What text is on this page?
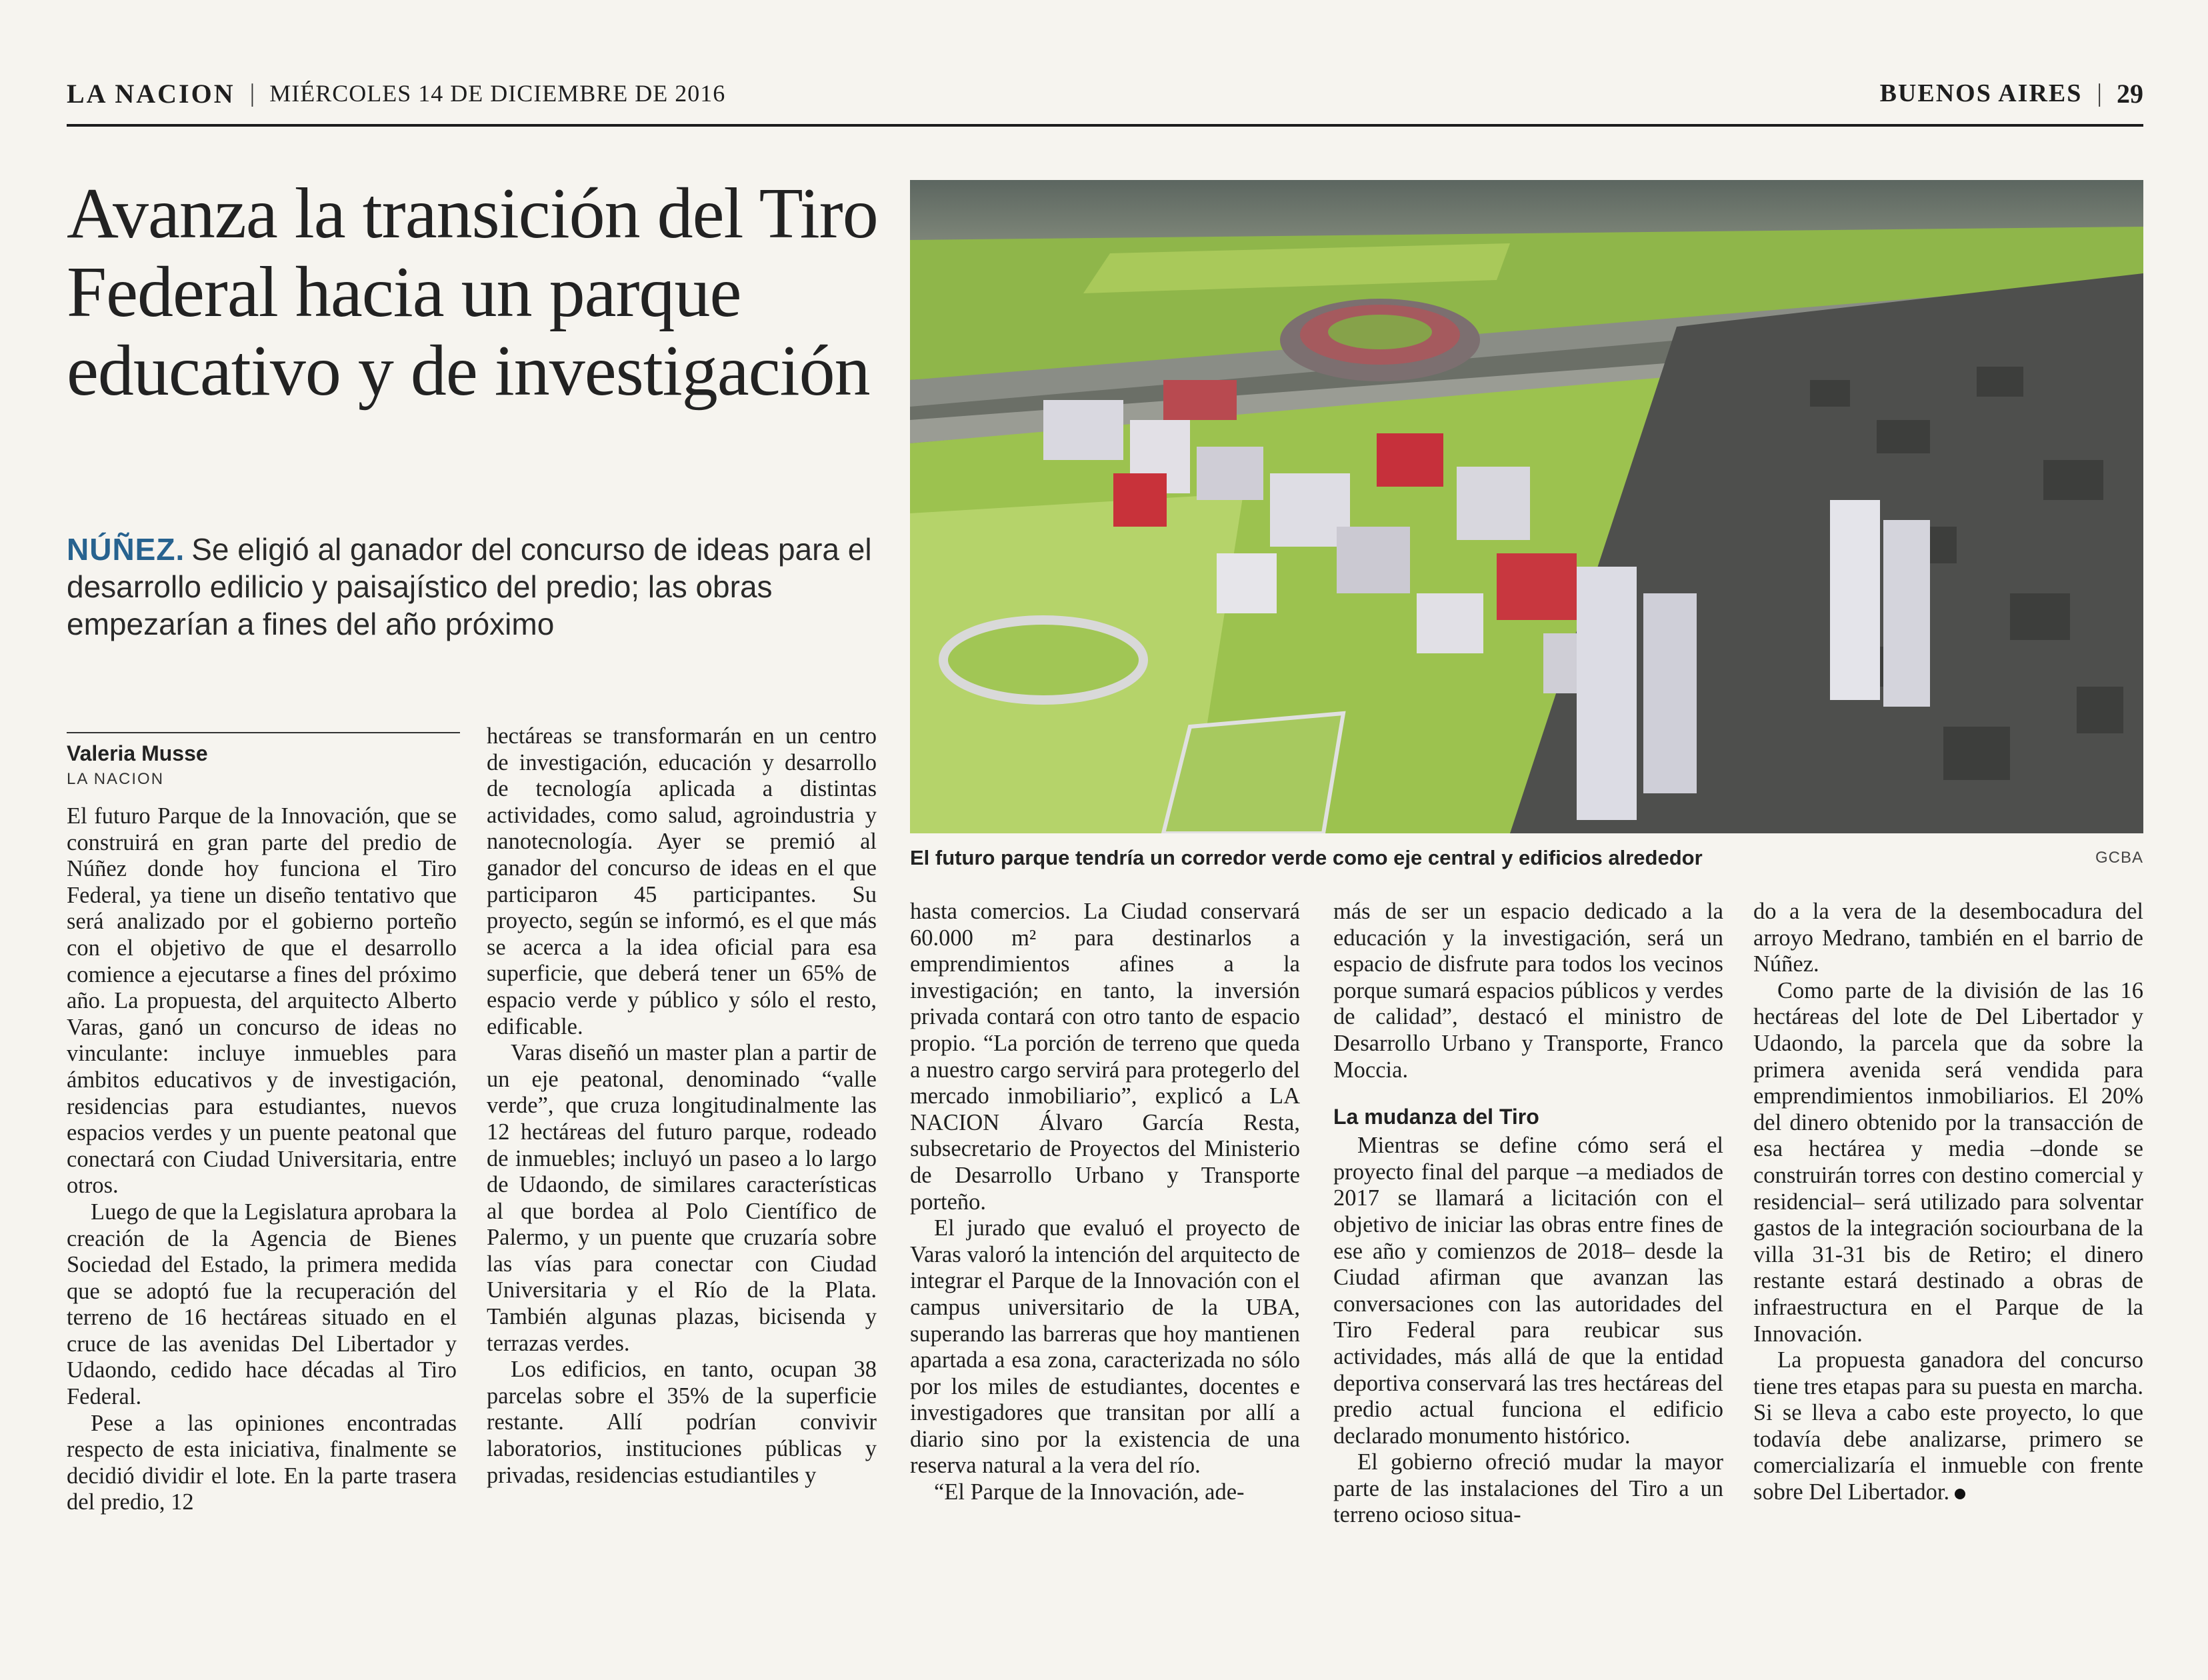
LA NACION | MIÉRCOLES 14 DE DICIEMBRE DE 2016	BUENOS AIRES | 29
Avanza la transición del Tiro Federal hacia un parque educativo y de investigación
NÚÑEZ. Se eligió al ganador del concurso de ideas para el desarrollo edilicio y paisajístico del predio; las obras empezarían a fines del año próximo
El futuro parque tendría un corredor verde como eje central y edificios alrededor	GCBA
Valeria Musse
LA NACION

El futuro Parque de la Innovación, que se construirá en gran parte del predio de Núñez donde hoy funciona el Tiro Federal, ya tiene un diseño tentativo que será analizado por el gobierno porteño con el objetivo de que el desarrollo comience a ejecutarse a fines del próximo año. La propuesta, del arquitecto Alberto Varas, ganó un concurso de ideas no vinculante: incluye inmuebles para ámbitos educativos y de investigación, residencias para estudiantes, nuevos espacios verdes y un puente peatonal que conectará con Ciudad Universitaria, entre otros.

Luego de que la Legislatura aprobara la creación de la Agencia de Bienes Sociedad del Estado, la primera medida que se adoptó fue la recuperación del terreno de 16 hectáreas situado en el cruce de las avenidas Del Libertador y Udaondo, cedido hace décadas al Tiro Federal.

Pese a las opiniones encontradas respecto de esta iniciativa, finalmente se decidió dividir el lote. En la parte trasera del predio, 12

hectáreas se transformarán en un centro de investigación, educación y desarrollo de tecnología aplicada a distintas actividades, como salud, agroindustria y nanotecnología. Ayer se premió al ganador del concurso de ideas en el que participaron 45 participantes. Su proyecto, según se informó, es el que más se acerca a la idea oficial para esa superficie, que deberá tener un 65% de espacio verde y público y sólo el resto, edificable.

Varas diseñó un master plan a partir de un eje peatonal, denominado “valle verde”, que cruza longitudinalmente las 12 hectáreas del futuro parque, rodeado de inmuebles; incluyó un paseo a lo largo de Udaondo, de similares características al que bordea al Polo Científico de Palermo, y un puente que cruzaría sobre las vías para conectar con Ciudad Universitaria y el Río de la Plata. También algunas plazas, bicisenda y terrazas verdes.

Los edificios, en tanto, ocupan 38 parcelas sobre el 35% de la superficie restante. Allí podrían convivir laboratorios, instituciones públicas y privadas, residencias estudiantiles y

hasta comercios. La Ciudad conservará 60.000 m² para destinarlos a emprendimientos afines a la investigación; en tanto, la inversión privada contará con otro tanto de espacio propio. “La porción de terreno que queda a nuestro cargo servirá para protegerlo del mercado inmobiliario”, explicó a LA NACION Álvaro García Resta, subsecretario de Proyectos del Ministerio de Desarrollo Urbano y Transporte porteño.

El jurado que evaluó el proyecto de Varas valoró la intención del arquitecto de integrar el Parque de la Innovación con el campus universitario de la UBA, superando las barreras que hoy mantienen apartada a esa zona, caracterizada no sólo por los miles de estudiantes, docentes e investigadores que transitan por allí a diario sino por la existencia de una reserva natural a la vera del río.

“El Parque de la Innovación, ade-

más de ser un espacio dedicado a la educación y la investigación, será un espacio de disfrute para todos los vecinos porque sumará espacios públicos y verdes de calidad”, destacó el ministro de Desarrollo Urbano y Transporte, Franco Moccia.

La mudanza del Tiro

Mientras se define cómo será el proyecto final del parque –a mediados de 2017 se llamará a licitación con el objetivo de iniciar las obras entre fines de ese año y comienzos de 2018– desde la Ciudad afirman que avanzan las conversaciones con las autoridades del Tiro Federal para reubicar sus actividades, más allá de que la entidad deportiva conservará las tres hectáreas del predio actual funciona el edificio declarado monumento histórico.

El gobierno ofreció mudar la mayor parte de las instalaciones del Tiro a un terreno ocioso situa-

do a la vera de la desembocadura del arroyo Medrano, también en el barrio de Núñez.

Como parte de la división de las 16 hectáreas del lote de Del Libertador y Udaondo, la parcela que da sobre la primera avenida será vendida para emprendimientos inmobiliarios. El 20% del dinero obtenido por la transacción de esa hectárea y media –donde se construirán torres con destino comercial y residencial– será utilizado para solventar gastos de la integración sociourbana de la villa 31-31 bis de Retiro; el dinero restante estará destinado a obras de infraestructura en el Parque de la Innovación.

La propuesta ganadora del concurso tiene tres etapas para su puesta en marcha. Si se lleva a cabo este proyecto, lo que todavía debe analizarse, primero se comercializaría el inmueble con frente sobre Del Libertador.
